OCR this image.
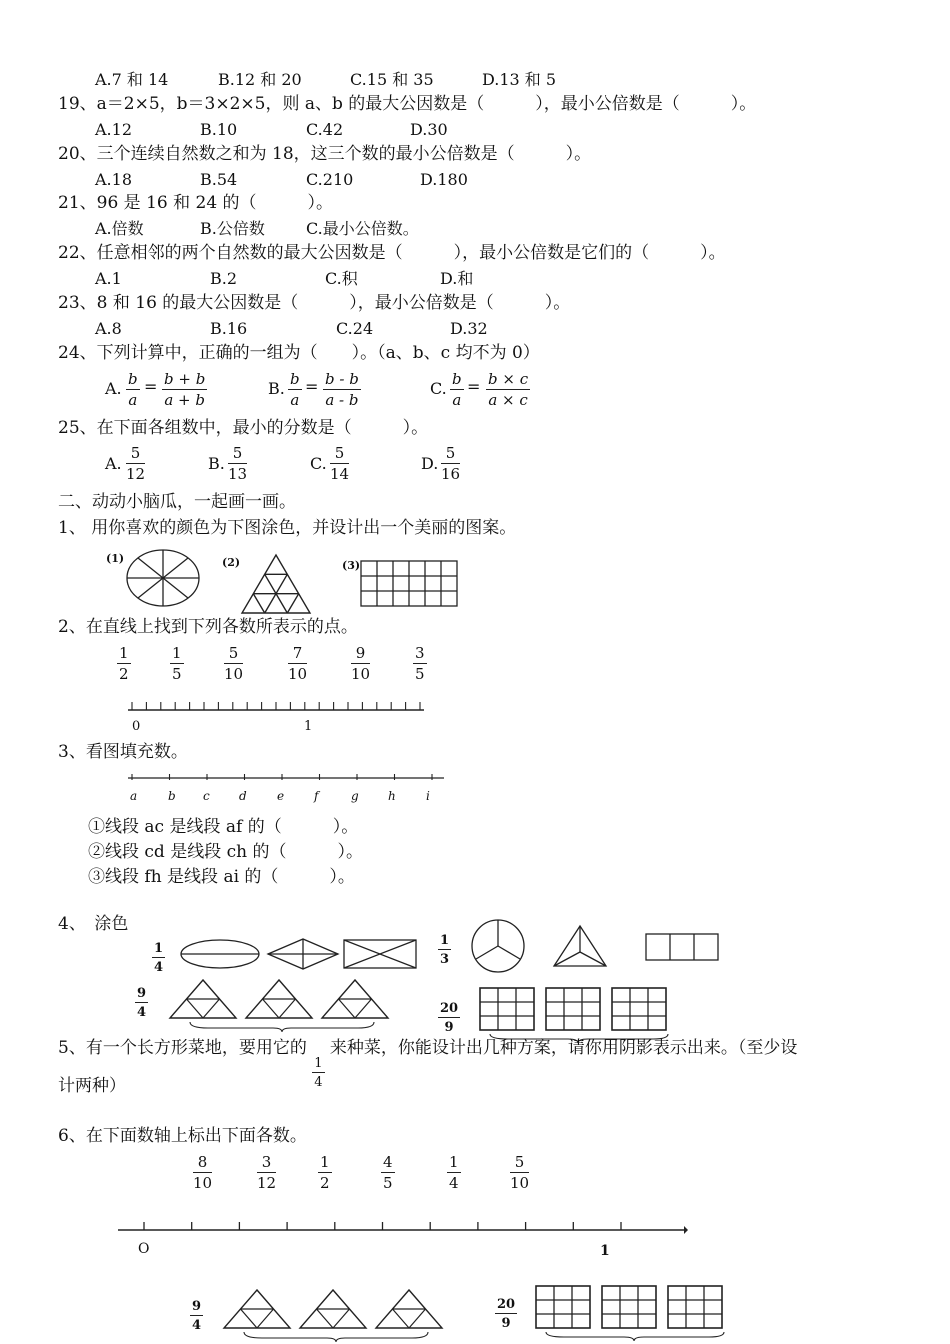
A.7 和 14	B.12 和 20	C.15 和 35	D.13 和 5
19、a＝2×5，b＝3×2×5，则 a、b 的最大公因数是（　　　），最小公倍数是（　　　）。
A.12	B.10	C.42	D.30
20、三个连续自然数之和为 18，这三个数的最小公倍数是（　　　）。
A.18	B.54	C.210	D.180
21、96 是 16 和 24 的（　　　）。
A.倍数	B.公倍数	C.最小公倍数。
22、任意相邻的两个自然数的最大公因数是（　　　），最小公倍数是它们的（　　　）。
A.1	B.2	C.积	D.和
23、8 和 16 的最大公因数是（　　　），最小公倍数是（　　　）。
A.8	B.16	C.24	D.32
24、下列计算中，正确的一组为（　　）。（a、b、c 均不为 0）
A. b
a
= b + b
a + b
B. b
a
= b - b
a - b
C. b
a
= b × c
a × c
25、在下面各组数中，最小的分数是（　　　）。
A.
5
12
B.
5
13
C.
5
14
D.
5
16
二、动动小脑瓜，一起画一画。
1、 用你喜欢的颜色为下图涂色，并设计出一个美丽的图案。
(1)	(2)	(3)
2、在直线上找到下列各数所表示的点。
1
2
1
5
5
10
7
10
9
10
3
5
0	1
3、看图填充数。
a	b c d	e f	g h	i
①线段 ac 是线段 af 的（　　　）。
②线段 cd 是线段 ch 的（　　　）。
③线段 fh 是线段 ai 的（　　　）。
4、　涂色
1
4
1
3
9
4	20
9
5、有一个长方形菜地，要用它的
$\frac{1}{4}$
来种菜，你能设计出几种方案，请你用阴影表示出来。（至少设
计两种）
6、在下面数轴上标出下面各数。
8
10
3
12
1
2
4
5
1
4
5
10
O	1
9
4
20
9
